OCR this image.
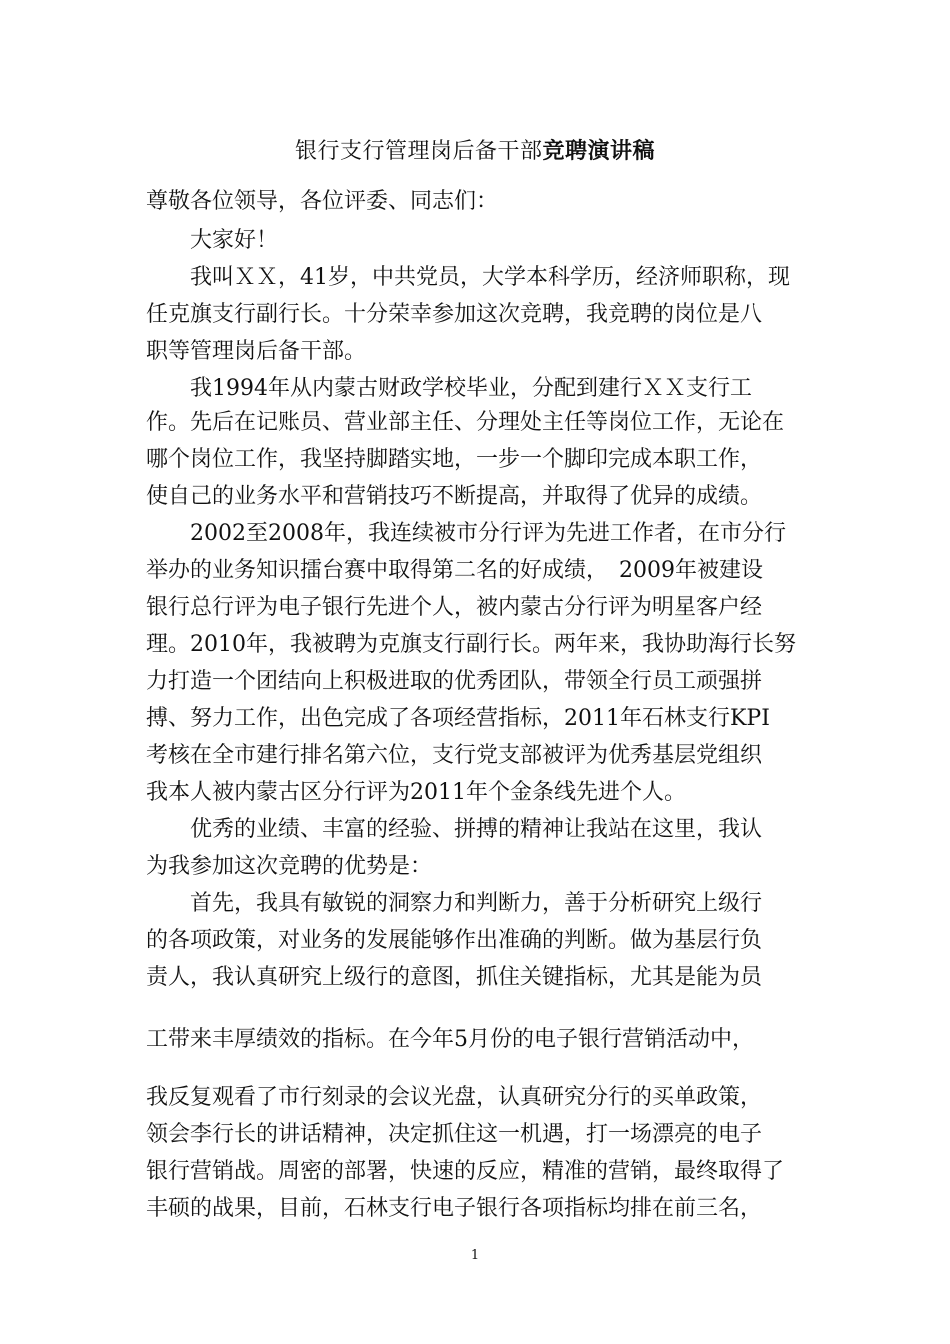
银行支行管理岗后备干部竞聘演讲稿
尊敬各位领导，各位评委、同志们：
　　大家好！
　　我叫ＸＸ，41岁，中共党员，大学本科学历，经济师职称，现
任克旗支行副行长。十分荣幸参加这次竞聘，我竞聘的岗位是八
职等管理岗后备干部。
　　我1994年从内蒙古财政学校毕业，分配到建行ＸＸ支行工
作。先后在记账员、营业部主任、分理处主任等岗位工作，无论在
哪个岗位工作，我坚持脚踏实地，一步一个脚印完成本职工作，
使自己的业务水平和营销技巧不断提高，并取得了优异的成绩。
　　2002至2008年，我连续被市分行评为先进工作者，在市分行
举办的业务知识擂台赛中取得第二名的好成绩，　2009年被建设
银行总行评为电子银行先进个人，被内蒙古分行评为明星客户经
理。2010年，我被聘为克旗支行副行长。两年来，我协助海行长努
力打造一个团结向上积极进取的优秀团队，带领全行员工顽强拼
搏、努力工作，出色完成了各项经营指标，2011年石林支行KPI
考核在全市建行排名第六位，支行党支部被评为优秀基层党组织
我本人被内蒙古区分行评为2011年个金条线先进个人。
　　优秀的业绩、丰富的经验、拼搏的精神让我站在这里，我认
为我参加这次竞聘的优势是：
　　首先，我具有敏锐的洞察力和判断力，善于分析研究上级行
的各项政策，对业务的发展能够作出准确的判断。做为基层行负
责人，我认真研究上级行的意图，抓住关键指标，尤其是能为员
工带来丰厚绩效的指标。在今年5月份的电子银行营销活动中，
我反复观看了市行刻录的会议光盘，认真研究分行的买单政策，
领会李行长的讲话精神，决定抓住这一机遇，打一场漂亮的电子
银行营销战。周密的部署，快速的反应，精准的营销，最终取得了
丰硕的战果，目前，石林支行电子银行各项指标均排在前三名，
1
